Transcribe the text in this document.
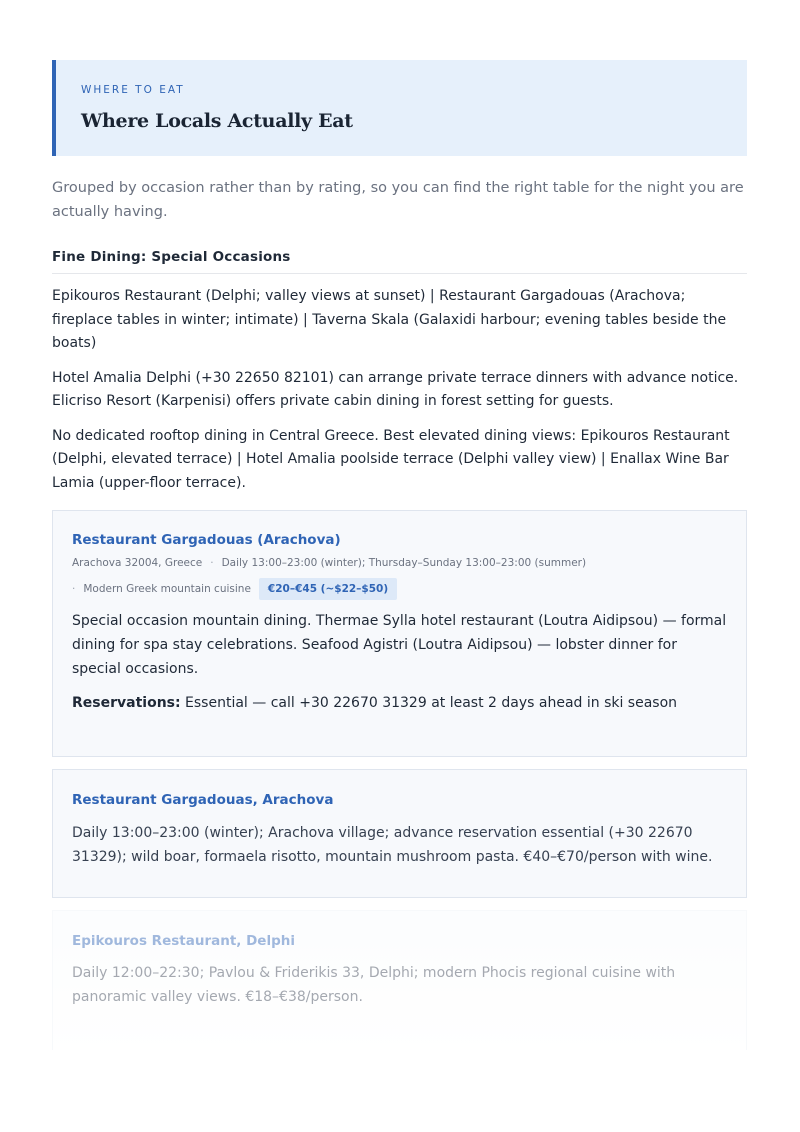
WHERE TO EAT
Where Locals Actually Eat
Grouped by occasion rather than by rating, so you can find the right table for the night you are actually having.
Fine Dining: Special Occasions

Epikouros Restaurant (Delphi; valley views at sunset) | Restaurant Gargadouas (Arachova; fireplace tables in winter; intimate) | Taverna Skala (Galaxidi harbour; evening tables beside the boats)

Hotel Amalia Delphi (+30 22650 82101) can arrange private terrace dinners with advance notice. Elicriso Resort (Karpenisi) offers private cabin dining in forest setting for guests.

No dedicated rooftop dining in Central Greece. Best elevated dining views: Epikouros Restaurant (Delphi, elevated terrace) | Hotel Amalia poolside terrace (Delphi valley view) | Enallax Wine Bar Lamia (upper-floor terrace).

Restaurant Gargadouas (Arachova)
Arachova 32004, Greece · Daily 13:00–23:00 (winter); Thursday–Sunday 13:00–23:00 (summer)
· Modern Greek mountain cuisine €20–€45 (~$22–$50)
Special occasion mountain dining. Thermae Sylla hotel restaurant (Loutra Aidipsou) — formal dining for spa stay celebrations. Seafood Agistri (Loutra Aidipsou) — lobster dinner for special occasions.
Reservations: Essential — call +30 22670 31329 at least 2 days ahead in ski season
Restaurant Gargadouas, Arachova
Daily 13:00–23:00 (winter); Arachova village; advance reservation essential (+30 22670 31329); wild boar, formaela risotto, mountain mushroom pasta. €40–€70/person with wine.
Epikouros Restaurant, Delphi
Daily 12:00–22:30; Pavlou & Friderikis 33, Delphi; modern Phocis regional cuisine with panoramic valley views. €18–€38/person.
